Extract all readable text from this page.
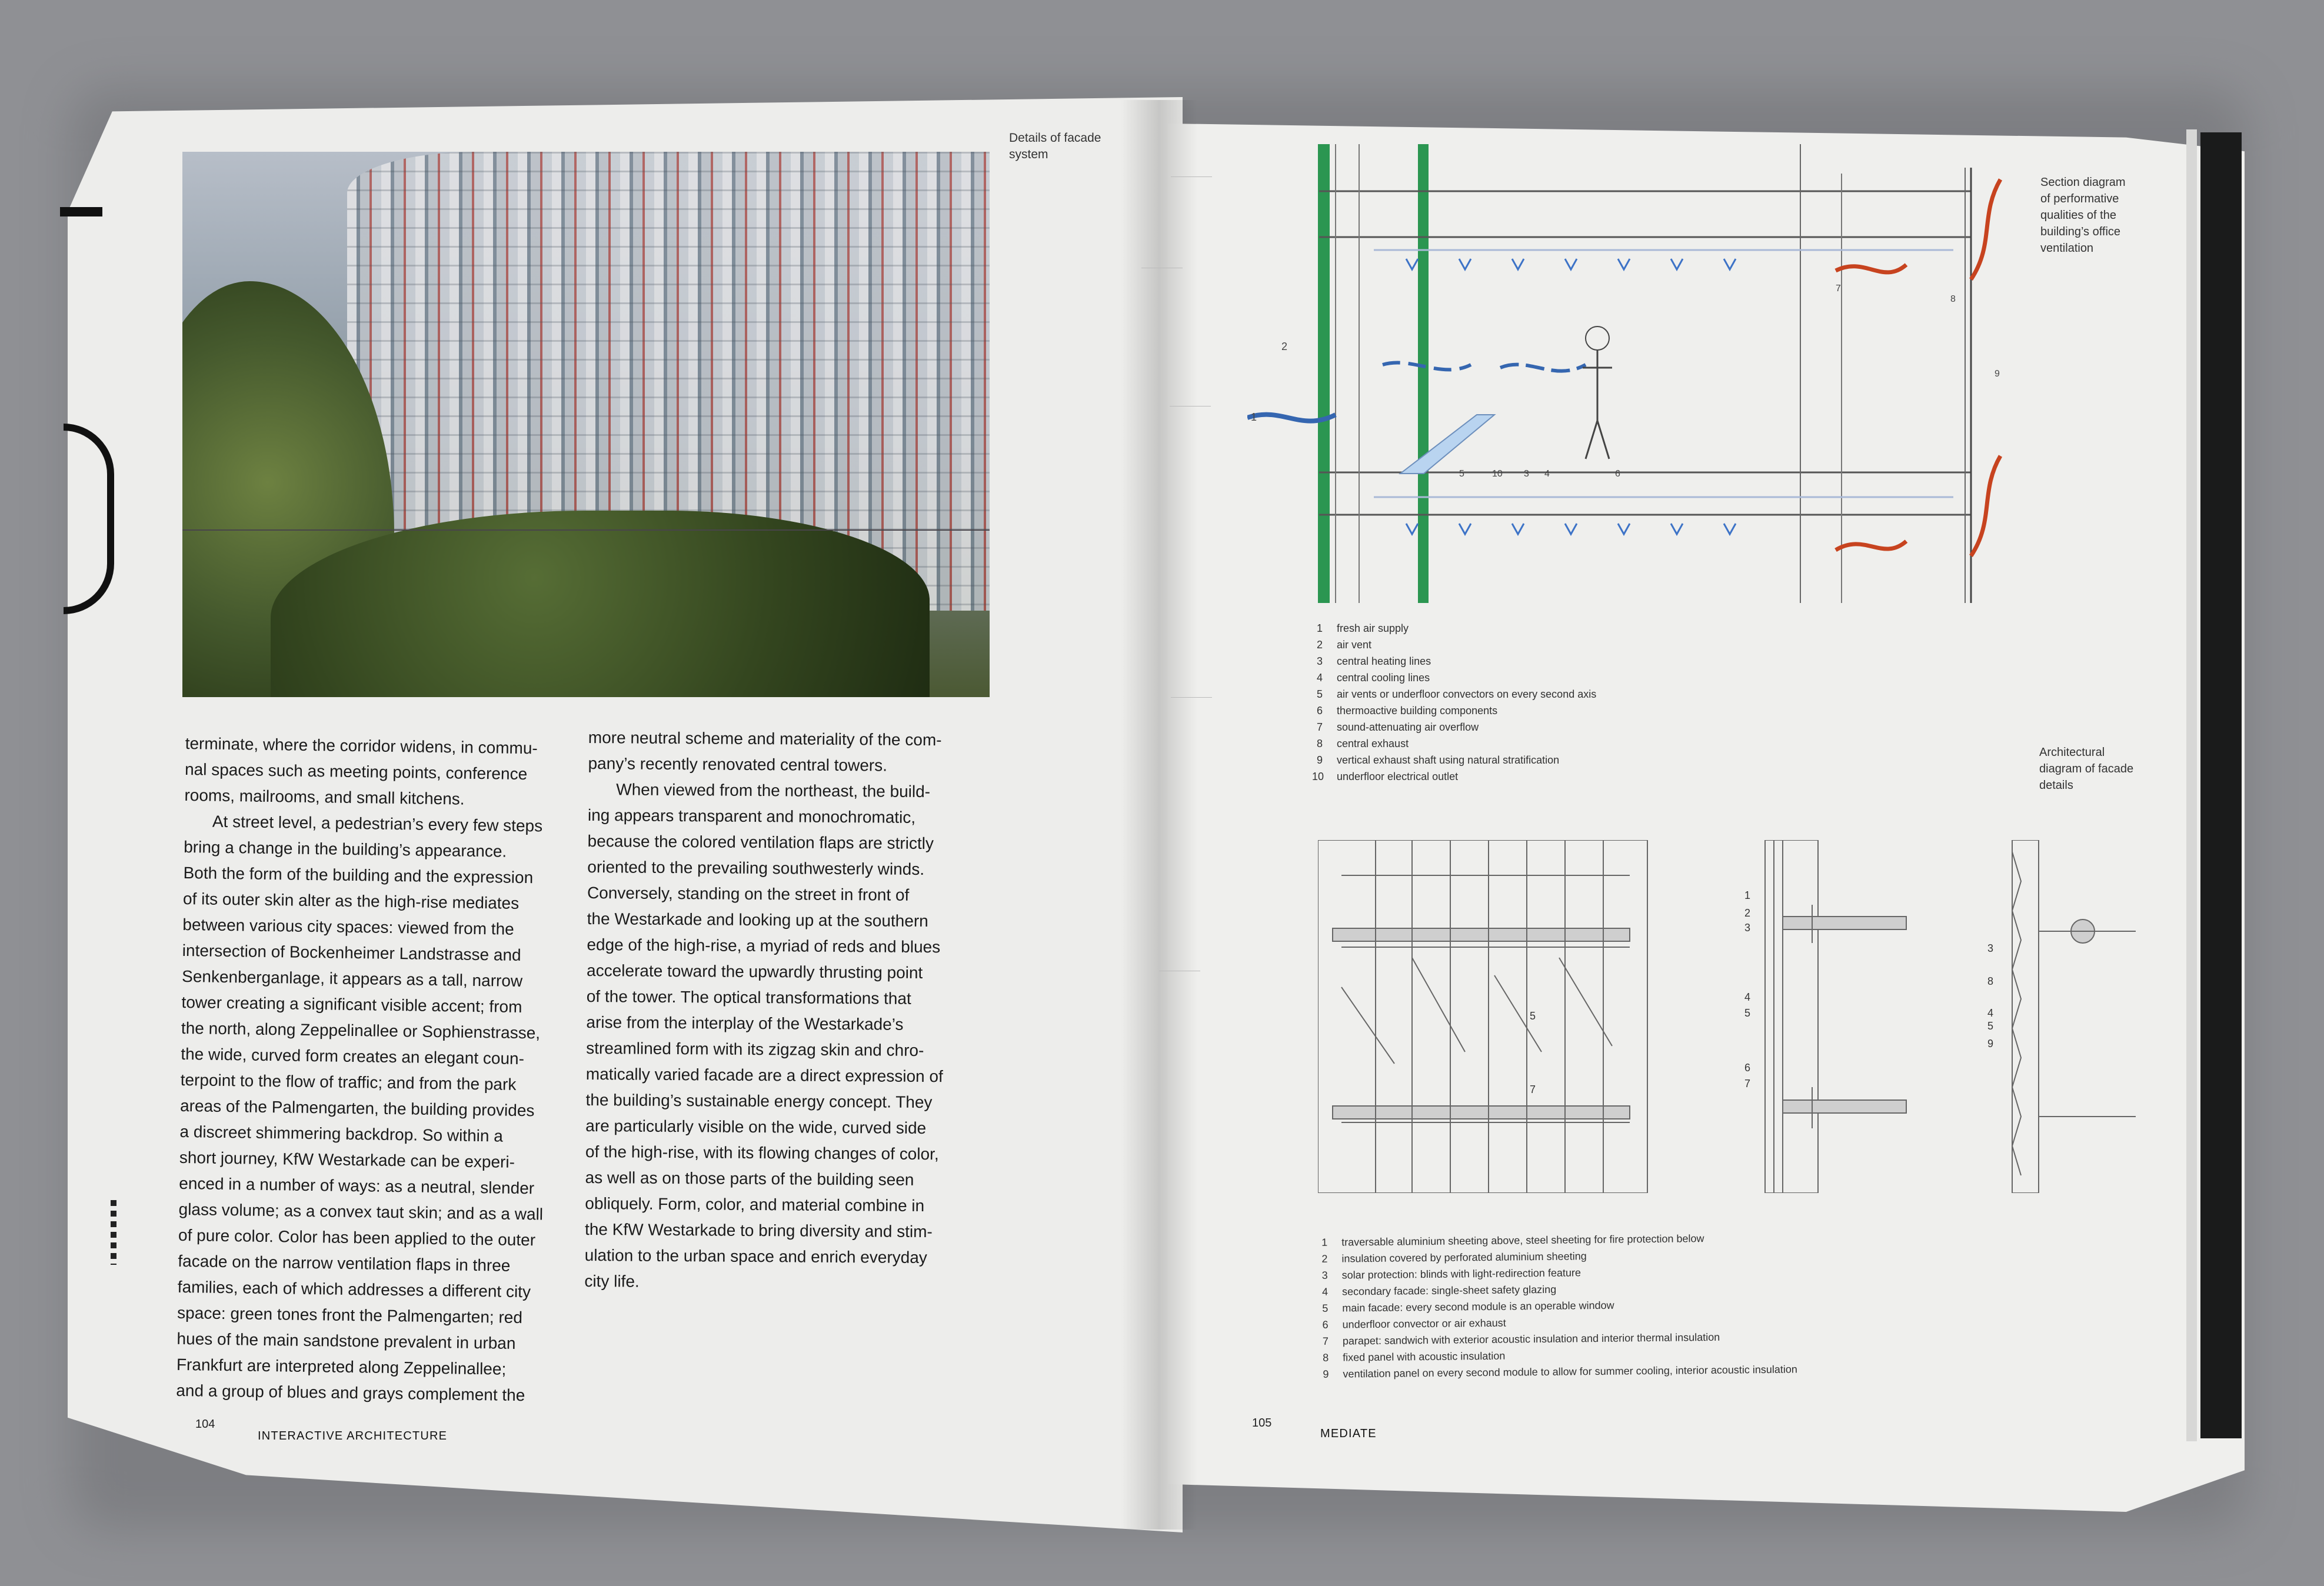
Details of facade
system

terminate, where the corridor widens, in commu-
nal spaces such as meeting points, conference
rooms, mailrooms, and small kitchens.

At street level, a pedestrian’s every few steps
bring a change in the building’s appearance.
Both the form of the building and the expression
of its outer skin alter as the high-rise mediates
between various city spaces: viewed from the
intersection of Bockenheimer Landstrasse and
Senkenberganlage, it appears as a tall, narrow
tower creating a significant visible accent; from
the north, along Zeppelinallee or Sophienstrasse,
the wide, curved form creates an elegant coun-
terpoint to the flow of traffic; and from the park
areas of the Palmengarten, the building provides
a discreet shimmering backdrop. So within a
short journey, KfW Westarkade can be experi-
enced in a number of ways: as a neutral, slender
glass volume; as a convex taut skin; and as a wall
of pure color. Color has been applied to the outer
facade on the narrow ventilation flaps in three
families, each of which addresses a different city
space: green tones front the Palmengarten; red
hues of the main sandstone prevalent in urban
Frankfurt are interpreted along Zeppelinallee;
and a group of blues and grays complement the

more neutral scheme and materiality of the com-
pany’s recently renovated central towers.

When viewed from the northeast, the build-
ing appears transparent and monochromatic,
because the colored ventilation flaps are strictly
oriented to the prevailing southwesterly winds.
Conversely, standing on the street in front of
the Westarkade and looking up at the southern
edge of the high-rise, a myriad of reds and blues
accelerate toward the upwardly thrusting point
of the tower. The optical transformations that
arise from the interplay of the Westarkade’s
streamlined form with its zigzag skin and chro-
matically varied facade are a direct expression of
the building’s sustainable energy concept. They
are particularly visible on the wide, curved side
of the high-rise, with its flowing changes of color,
as well as on those parts of the building seen
obliquely. Form, color, and material combine in
the KfW Westarkade to bring diversity and stim-
ulation to the urban space and enrich everyday
city life.

104
INTERACTIVE ARCHITECTURE
1
2
5	10 3 4	6
7
8
9
Section diagram
of performative
qualities of the
building’s office
ventilation
1 fresh air supply
2 air vent
3 central heating lines
4 central cooling lines
5 air vents or underfloor convectors on every second axis
6 thermoactive building components
7 sound-attenuating air overflow
8 central exhaust
9 vertical exhaust shaft using natural stratification
10 underfloor electrical outlet
Architectural
diagram of facade
details
5
7
1
2
3
4
5
6
7
3
8
4
5
9
1 traversable aluminium sheeting above, steel sheeting for fire protection below
2 insulation covered by perforated aluminium sheeting
3 solar protection: blinds with light-redirection feature
4 secondary facade: single-sheet safety glazing
5 main facade: every second module is an operable window
6 underfloor convector or air exhaust
7 parapet: sandwich with exterior acoustic insulation and interior thermal insulation
8 fixed panel with acoustic insulation
9 ventilation panel on every second module to allow for summer cooling, interior acoustic insulation
105
MEDIATE
